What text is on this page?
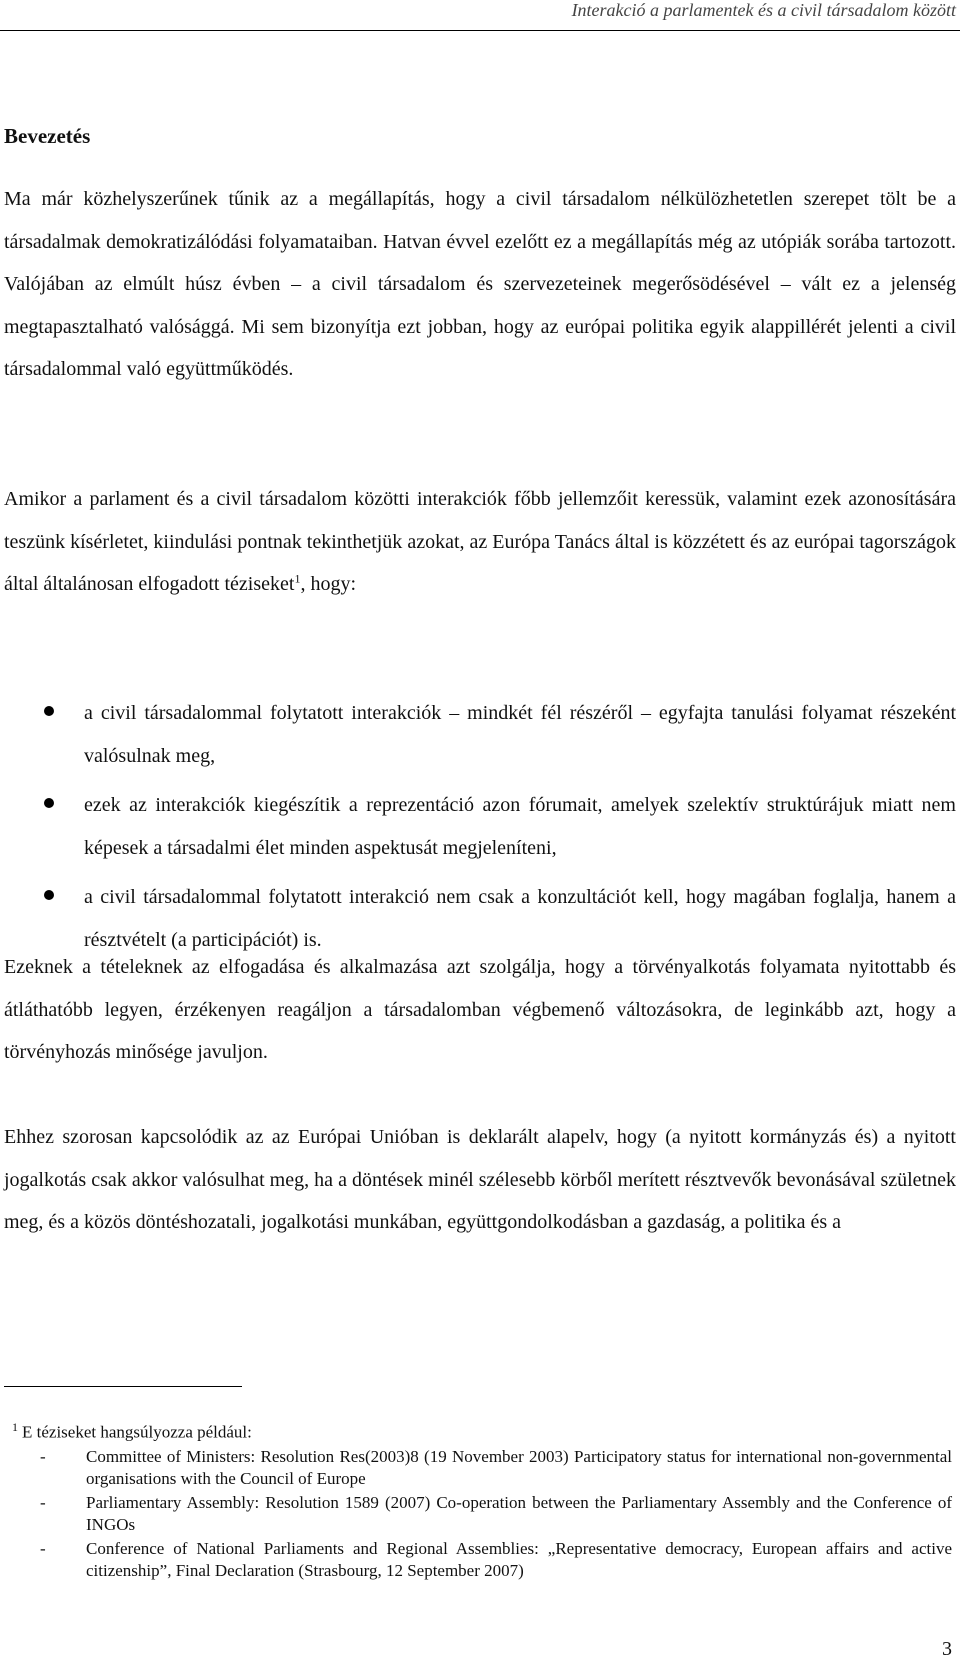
Interakció a parlamentek és a civil társadalom között
Bevezetés

Ma már közhelyszerűnek tűnik az a megállapítás, hogy a civil társadalom nélkülözhetetlen szerepet tölt be a társadalmak demokratizálódási folyamataiban. Hatvan évvel ezelőtt ez a megállapítás még az utópiák sorába tartozott. Valójában az elmúlt húsz évben – a civil társadalom és szervezeteinek megerősödésével – vált ez a jelenség megtapasztalható valósággá. Mi sem bizonyítja ezt jobban, hogy az európai politika egyik alappillérét jelenti a civil társadalommal való együttműködés.

Amikor a parlament és a civil társadalom közötti interakciók főbb jellemzőit keressük, valamint ezek azonosítására teszünk kísérletet, kiindulási pontnak tekinthetjük azokat, az Európa Tanács által is közzétett és az európai tagországok által általánosan elfogadott téziseket$^1$, hogy:

a civil társadalommal folytatott interakciók – mindkét fél részéről – egyfajta tanulási folyamat részeként valósulnak meg,
ezek az interakciók kiegészítik a reprezentáció azon fórumait, amelyek szelektív struktúrájuk miatt nem képesek a társadalmi élet minden aspektusát megjeleníteni,
a civil társadalommal folytatott interakció nem csak a konzultációt kell, hogy magában foglalja, hanem a résztvételt (a participációt) is.

Ezeknek a tételeknek az elfogadása és alkalmazása azt szolgálja, hogy a törvényalkotás folyamata nyitottabb és átláthatóbb legyen, érzékenyen reagáljon a társadalomban végbemenő változásokra, de leginkább azt, hogy a törvényhozás minősége javuljon.

Ehhez szorosan kapcsolódik az az Európai Unióban is deklarált alapelv, hogy (a nyitott kormányzás és) a nyitott jogalkotás csak akkor valósulhat meg, ha a döntések minél szélesebb körből merített résztvevők bevonásával születnek meg, és a közös döntéshozatali, jogalkotási munkában, együttgondolkodásban a gazdaság, a politika és a

$^1$ E téziseket hangsúlyozza például:
- Committee of Ministers: Resolution Res(2003)8 (19 November 2003) Participatory status for international non-governmental organisations with the Council of Europe
- Parliamentary Assembly: Resolution 1589 (2007) Co-operation between the Parliamentary Assembly and the Conference of INGOs
- Conference of National Parliaments and Regional Assemblies: „Representative democracy, European affairs and active citizenship”, Final Declaration (Strasbourg, 12 September 2007)
3
